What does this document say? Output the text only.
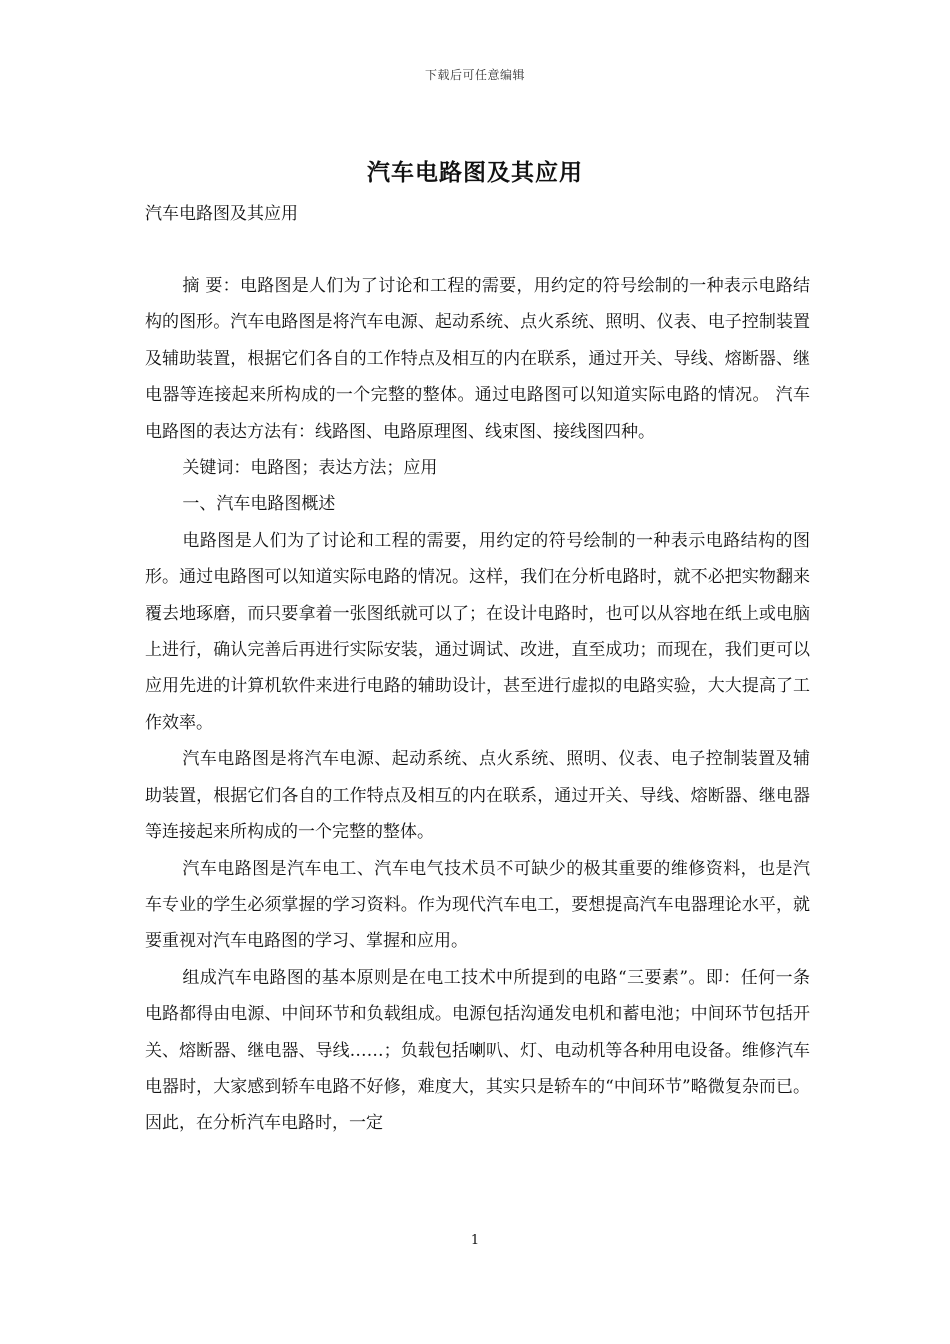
下载后可任意编辑
汽车电路图及其应用
汽车电路图及其应用

摘 要：电路图是人们为了讨论和工程的需要，用约定的符号绘制的一种表示电路结构的图形。汽车电路图是将汽车电源、起动系统、点火系统、照明、仪表、电子控制装置及辅助装置，根据它们各自的工作特点及相互的内在联系，通过开关、导线、熔断器、继电器等连接起来所构成的一个完整的整体。通过电路图可以知道实际电路的情况。 汽车电路图的表达方法有：线路图、电路原理图、线束图、接线图四种。

关键词：电路图；表达方法；应用

一、汽车电路图概述

电路图是人们为了讨论和工程的需要，用约定的符号绘制的一种表示电路结构的图形。通过电路图可以知道实际电路的情况。这样，我们在分析电路时，就不必把实物翻来覆去地琢磨，而只要拿着一张图纸就可以了；在设计电路时，也可以从容地在纸上或电脑上进行，确认完善后再进行实际安装，通过调试、改进，直至成功；而现在，我们更可以应用先进的计算机软件来进行电路的辅助设计，甚至进行虚拟的电路实验，大大提高了工作效率。

汽车电路图是将汽车电源、起动系统、点火系统、照明、仪表、电子控制装置及辅助装置，根据它们各自的工作特点及相互的内在联系，通过开关、导线、熔断器、继电器等连接起来所构成的一个完整的整体。

汽车电路图是汽车电工、汽车电气技术员不可缺少的极其重要的维修资料，也是汽车专业的学生必须掌握的学习资料。作为现代汽车电工，要想提高汽车电器理论水平，就要重视对汽车电路图的学习、掌握和应用。

组成汽车电路图的基本原则是在电工技术中所提到的电路“三要素”。即：任何一条电路都得由电源、中间环节和负载组成。电源包括沟通发电机和蓄电池；中间环节包括开关、熔断器、继电器、导线……；负载包括喇叭、灯、电动机等各种用电设备。维修汽车电器时，大家感到轿车电路不好修，难度大，其实只是轿车的“中间环节”略微复杂而已。因此，在分析汽车电路时，一定

1
